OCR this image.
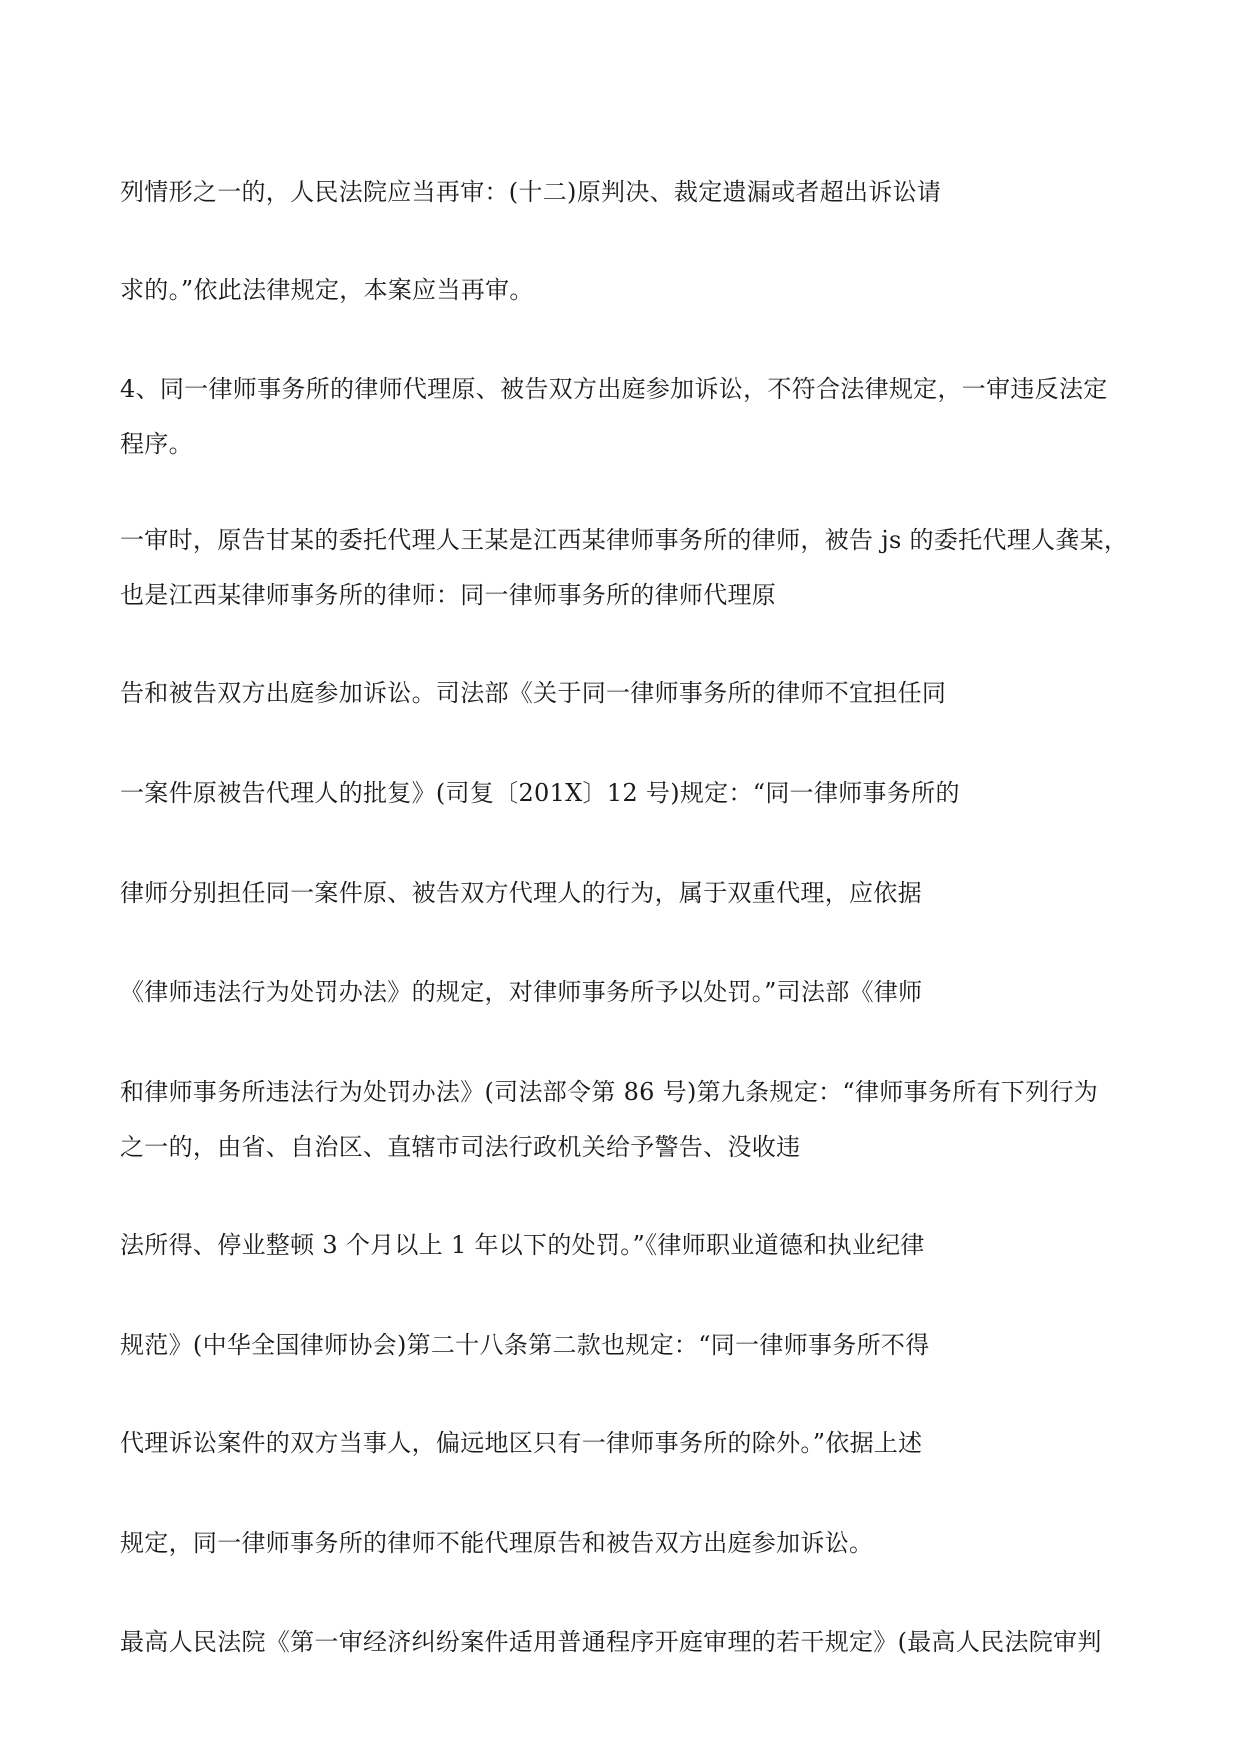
列情形之一的，人民法院应当再审：(十二)原判决、裁定遗漏或者超出诉讼请
求的。”依此法律规定，本案应当再审。
4、同一律师事务所的律师代理原、被告双方出庭参加诉讼，不符合法律规定，一审违反法定
程序。
一审时，原告甘某的委托代理人王某是江西某律师事务所的律师，被告 js 的委托代理人龚某，
也是江西某律师事务所的律师：同一律师事务所的律师代理原
告和被告双方出庭参加诉讼。司法部《关于同一律师事务所的律师不宜担任同
一案件原被告代理人的批复》(司复〔201X〕12 号)规定：“同一律师事务所的
律师分别担任同一案件原、被告双方代理人的行为，属于双重代理，应依据
《律师违法行为处罚办法》的规定，对律师事务所予以处罚。”司法部《律师
和律师事务所违法行为处罚办法》(司法部令第 86 号)第九条规定：“律师事务所有下列行为
之一的，由省、自治区、直辖市司法行政机关给予警告、没收违
法所得、停业整顿 3 个月以上 1 年以下的处罚。”《律师职业道德和执业纪律
规范》(中华全国律师协会)第二十八条第二款也规定：“同一律师事务所不得
代理诉讼案件的双方当事人，偏远地区只有一律师事务所的除外。”依据上述
规定，同一律师事务所的律师不能代理原告和被告双方出庭参加诉讼。
最高人民法院《第一审经济纠纷案件适用普通程序开庭审理的若干规定》(最高人民法院审判
